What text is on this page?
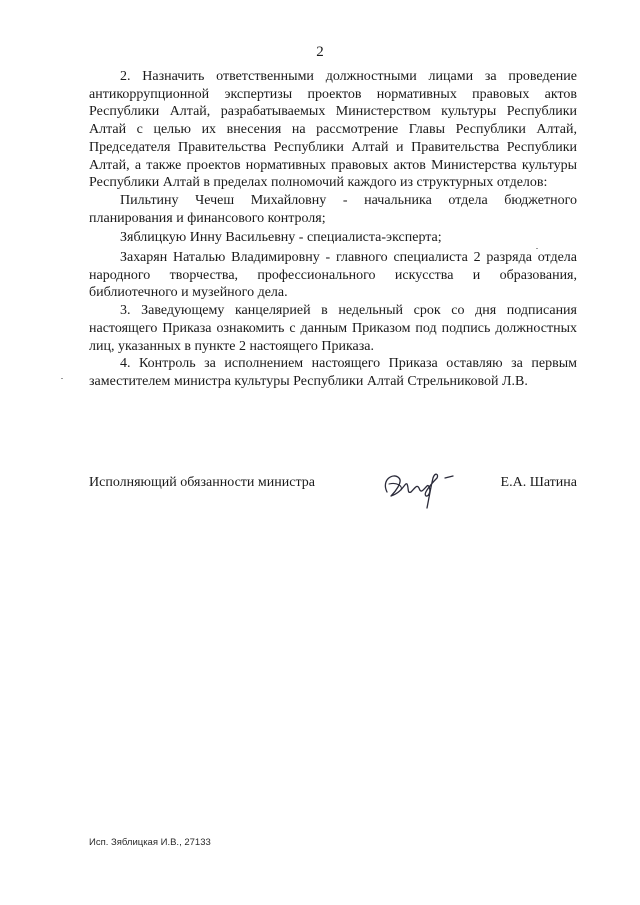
2

2. Назначить ответственными должностными лицами за проведение антикоррупционной экспертизы проектов нормативных правовых актов Республики Алтай, разрабатываемых Министерством культуры Республики Алтай с целью их внесения на рассмотрение Главы Республики Алтай, Председателя Правительства Республики Алтай и Правительства Республики Алтай, а также проектов нормативных правовых актов Министерства культуры Республики Алтай в пределах полномочий каждого из структурных отделов:

Пильтину Чечеш Михайловну - начальника отдела бюджетного планирования и финансового контроля;

Зяблицкую Инну Васильевну - специалиста-эксперта;

Захарян Наталью Владимировну - главного специалиста 2 разряда отдела народного творчества, профессионального искусства и образования, библиотечного и музейного дела.

3. Заведующему канцелярией в недельный срок со дня подписания настоящего Приказа ознакомить с данным Приказом под подпись должностных лиц, указанных в пункте 2 настоящего Приказа.

4. Контроль за исполнением настоящего Приказа оставляю за первым заместителем министра культуры Республики Алтай Стрельниковой Л.В.

Исполняющий обязанности министра	Е.А. Шатина
Исп. Зяблицкая И.В., 27133
